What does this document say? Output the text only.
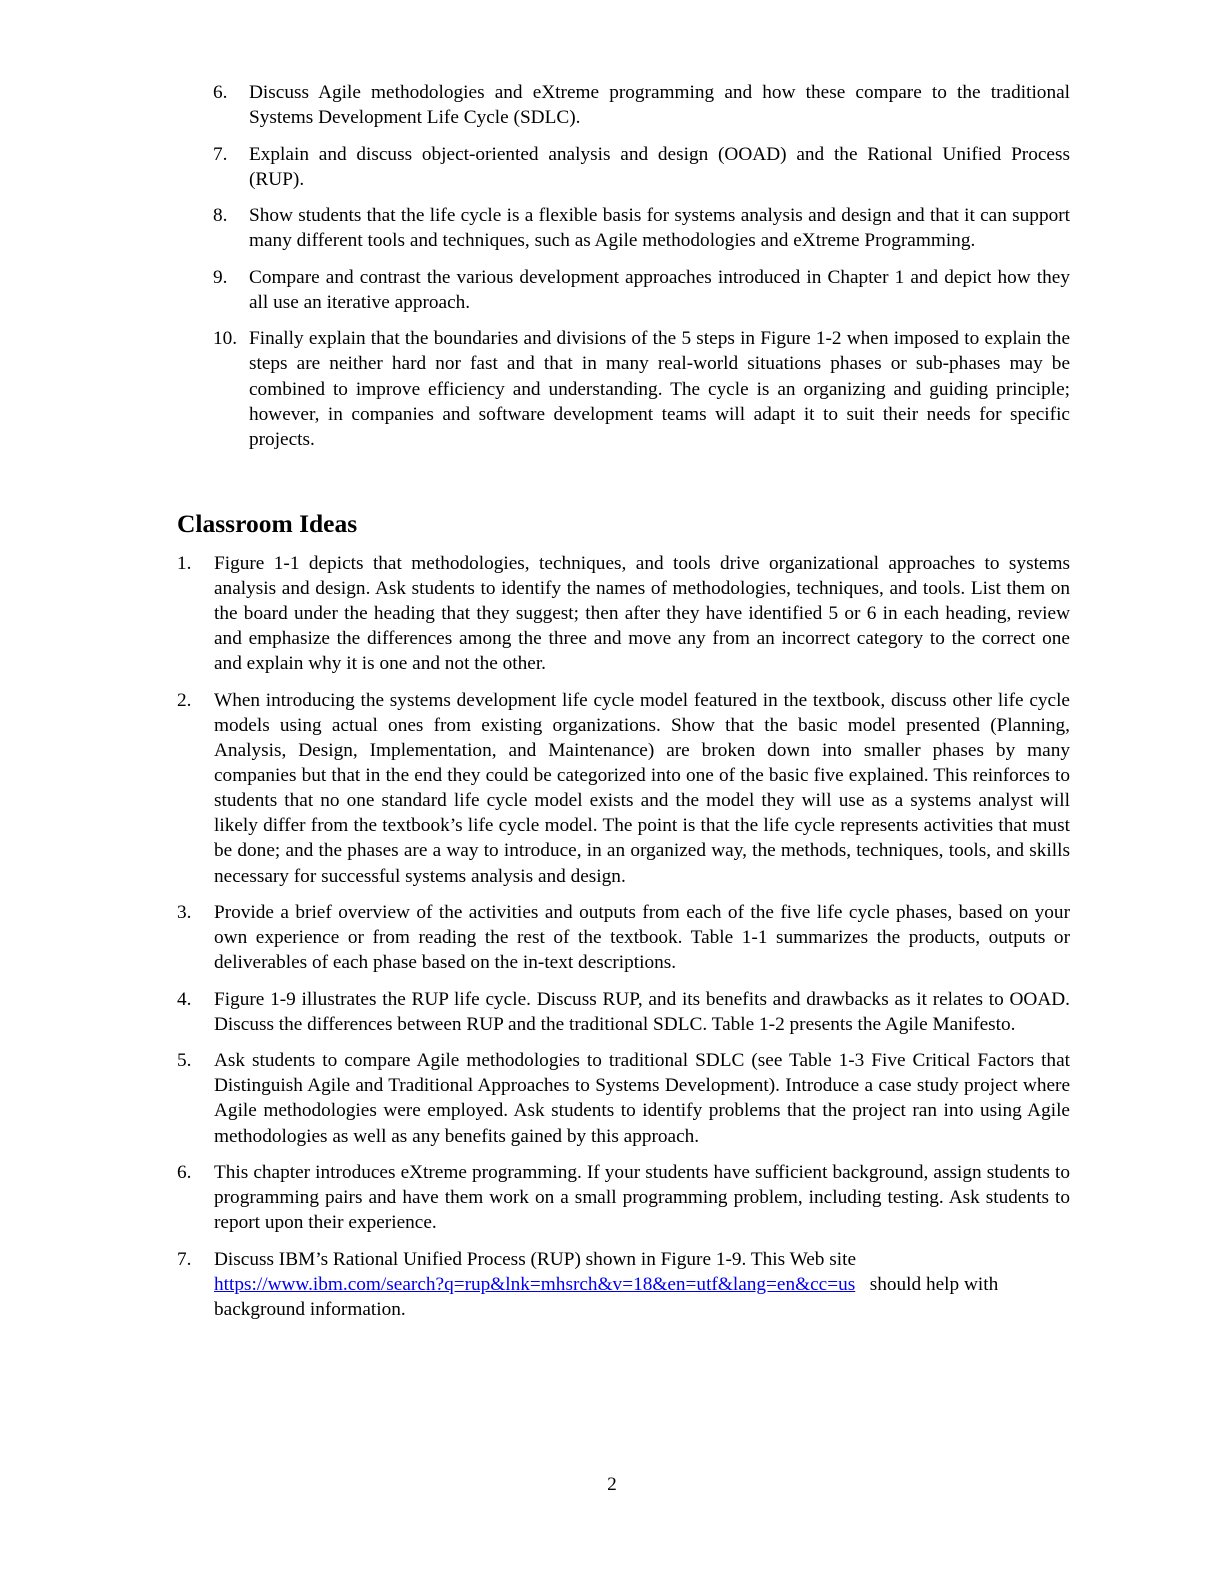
6. Discuss Agile methodologies and eXtreme programming and how these compare to the traditional Systems Development Life Cycle (SDLC).
7. Explain and discuss object-oriented analysis and design (OOAD) and the Rational Unified Process (RUP).
8. Show students that the life cycle is a flexible basis for systems analysis and design and that it can support many different tools and techniques, such as Agile methodologies and eXtreme Programming.
9. Compare and contrast the various development approaches introduced in Chapter 1 and depict how they all use an iterative approach.
10. Finally explain that the boundaries and divisions of the 5 steps in Figure 1-2 when imposed to explain the steps are neither hard nor fast and that in many real-world situations phases or sub-phases may be combined to improve efficiency and understanding. The cycle is an organizing and guiding principle; however, in companies and software development teams will adapt it to suit their needs for specific projects.
Classroom Ideas
1. Figure 1-1 depicts that methodologies, techniques, and tools drive organizational approaches to systems analysis and design. Ask students to identify the names of methodologies, techniques, and tools. List them on the board under the heading that they suggest; then after they have identified 5 or 6 in each heading, review and emphasize the differences among the three and move any from an incorrect category to the correct one and explain why it is one and not the other.
2. When introducing the systems development life cycle model featured in the textbook, discuss other life cycle models using actual ones from existing organizations. Show that the basic model presented (Planning, Analysis, Design, Implementation, and Maintenance) are broken down into smaller phases by many companies but that in the end they could be categorized into one of the basic five explained. This reinforces to students that no one standard life cycle model exists and the model they will use as a systems analyst will likely differ from the textbook’s life cycle model. The point is that the life cycle represents activities that must be done; and the phases are a way to introduce, in an organized way, the methods, techniques, tools, and skills necessary for successful systems analysis and design.
3. Provide a brief overview of the activities and outputs from each of the five life cycle phases, based on your own experience or from reading the rest of the textbook. Table 1-1 summarizes the products, outputs or deliverables of each phase based on the in-text descriptions.
4. Figure 1-9 illustrates the RUP life cycle. Discuss RUP, and its benefits and drawbacks as it relates to OOAD. Discuss the differences between RUP and the traditional SDLC. Table 1-2 presents the Agile Manifesto.
5. Ask students to compare Agile methodologies to traditional SDLC (see Table 1-3 Five Critical Factors that Distinguish Agile and Traditional Approaches to Systems Development). Introduce a case study project where Agile methodologies were employed. Ask students to identify problems that the project ran into using Agile methodologies as well as any benefits gained by this approach.
6. This chapter introduces eXtreme programming. If your students have sufficient background, assign students to programming pairs and have them work on a small programming problem, including testing. Ask students to report upon their experience.
7. Discuss IBM’s Rational Unified Process (RUP) shown in Figure 1-9. This Web site
https://www.ibm.com/search?q=rup&lnk=mhsrch&v=18&en=utf&lang=en&cc=us should help with background information.
2
